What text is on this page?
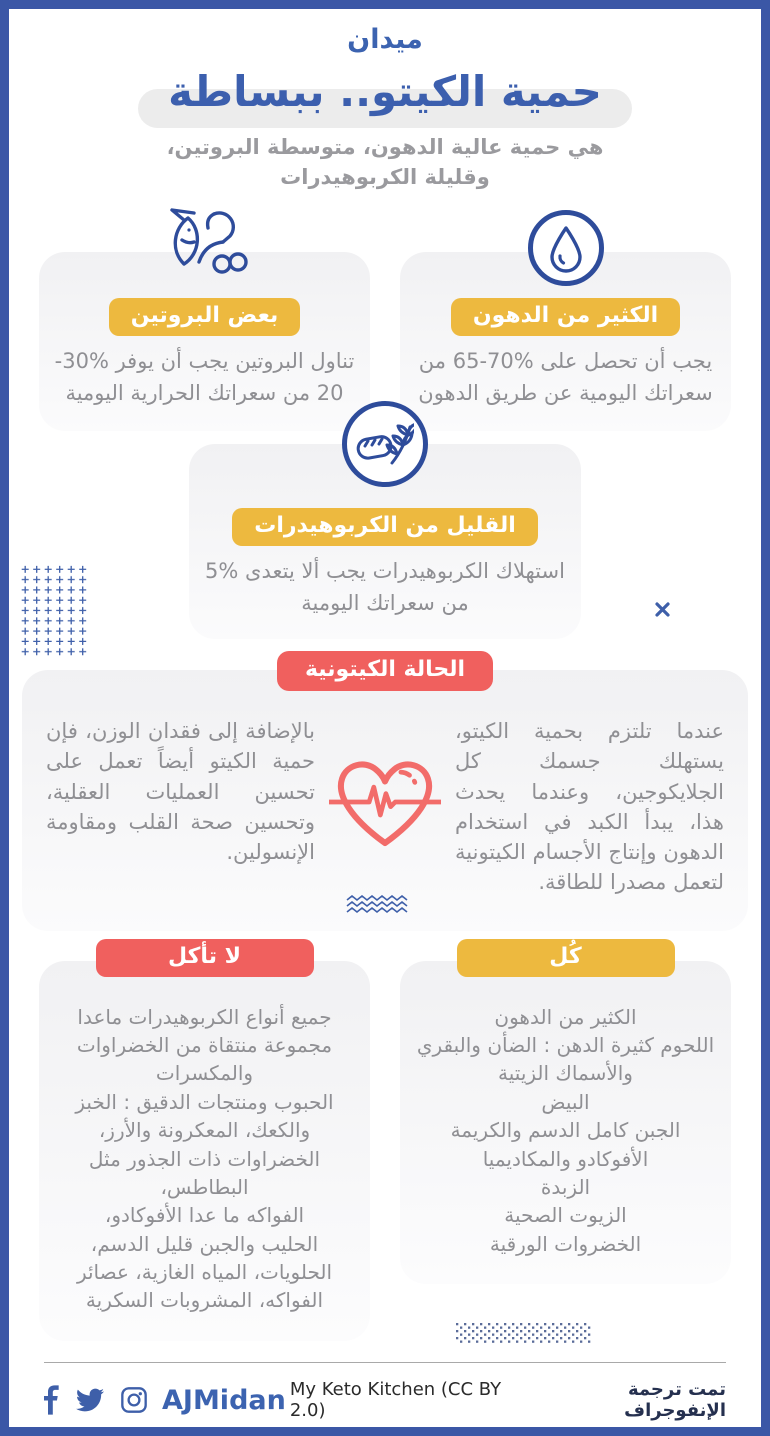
ميدان
حمية الكيتو.. ببساطة
هي حمية عالية الدهون، متوسطة البروتين،
وقليلة الكربوهيدرات
الكثير من الدهون
يجب أن تحصل على %70-65 من سعراتك اليومية عن طريق الدهون
بعض البروتين
تناول البروتين يجب أن يوفر %30-20 من سعراتك الحرارية اليومية
القليل من الكربوهيدرات
استهلاك الكربوهيدرات يجب ألا يتعدى %5 من سعراتك اليومية
الحالة الكيتونية
عندما تلتزم بحمية الكيتو، يستهلك جسمك كل الجلايكوجين، وعندما يحدث هذا، يبدأ الكبد في استخدام الدهون وإنتاج الأجسام الكيتونية لتعمل مصدرا للطاقة.
بالإضافة إلى فقدان الوزن، فإن حمية الكيتو أيضاً تعمل على تحسين العمليات العقلية، وتحسين صحة القلب ومقاومة الإنسولين.
كُل
الكثير من الدهون
اللحوم كثيرة الدهن : الضأن والبقري والأسماك الزيتية
البيض
الجبن كامل الدسم والكريمة
الأفوكادو والمكاديميا
الزبدة
الزيوت الصحية
الخضروات الورقية
لا تأكل
جميع أنواع الكربوهيدرات ماعدا مجموعة منتقاة من الخضراوات والمكسرات
الحبوب ومنتجات الدقيق : الخبز والكعك، المعكرونة والأرز،
الخضراوات ذات الجذور مثل البطاطس،
الفواكه ما عدا الأفوكادو،
الحليب والجبن قليل الدسم،
الحلويات، المياه الغازية، عصائر الفواكه، المشروبات السكرية
تمت ترجمة الإنفوجراف
My Keto Kitchen (CC BY 2.0)
AJMidan
